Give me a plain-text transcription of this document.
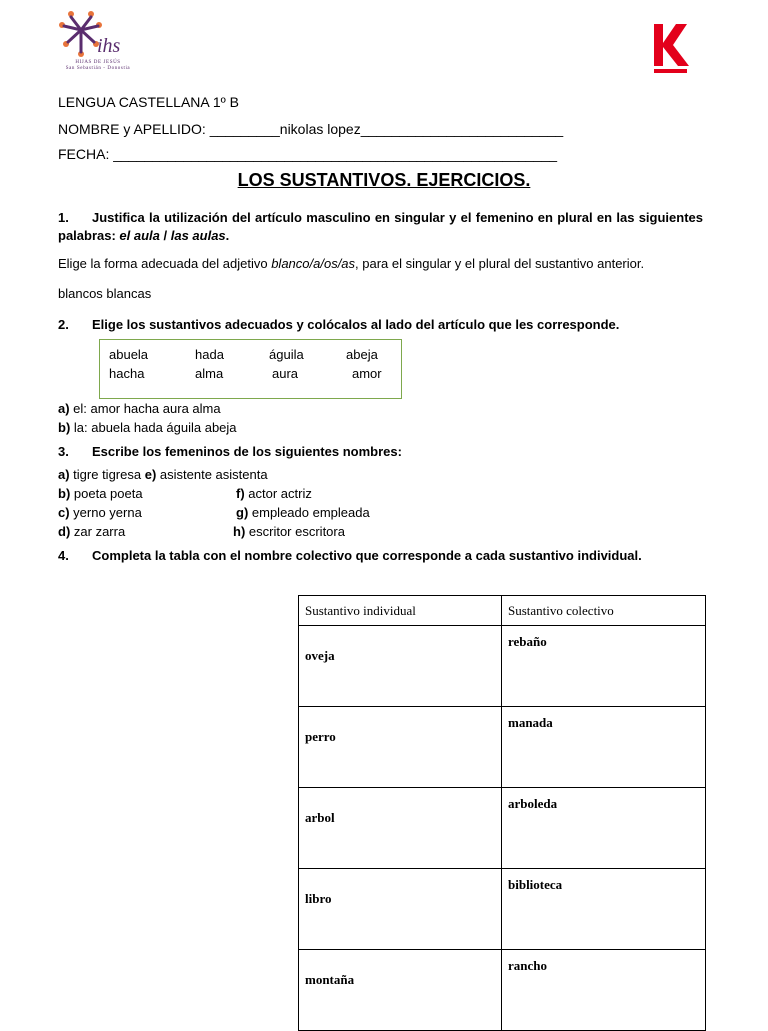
ihs
HIJAS DE JESÚS
San Sebastián - Donostia
LENGUA CASTELLANA 1º B
NOMBRE y APELLIDO: _________nikolas lopez__________________________
FECHA: _________________________________________________________
LOS SUSTANTIVOS. EJERCICIOS.
1. Justifica la utilización del artículo masculino en singular y el femenino en plural en las siguientes palabras: el aula / las aulas.
Elige la forma adecuada del adjetivo blanco/a/os/as, para el singular y el plural del sustantivo anterior.
blancos blancas
2. Elige los sustantivos adecuados y colócalos al lado del artículo que les corresponde.
abuela	hada	águila	abeja
hacha	alma	aura	amor
a) el: amor hacha aura alma
b) la: abuela hada águila abeja
3. Escribe los femeninos de los siguientes nombres:
a) tigre tigresa e) asistente asistenta
b) poeta poeta	f) actor actriz
c) yerno yerna	g) empleado empleada
d) zar zarra	h) escritor escritora
4. Completa la tabla con el nombre colectivo que corresponde a cada sustantivo individual.
Sustantivo individual	Sustantivo colectivo
oveja	rebaño
perro	manada
arbol	arboleda
libro	biblioteca
montaña	rancho
